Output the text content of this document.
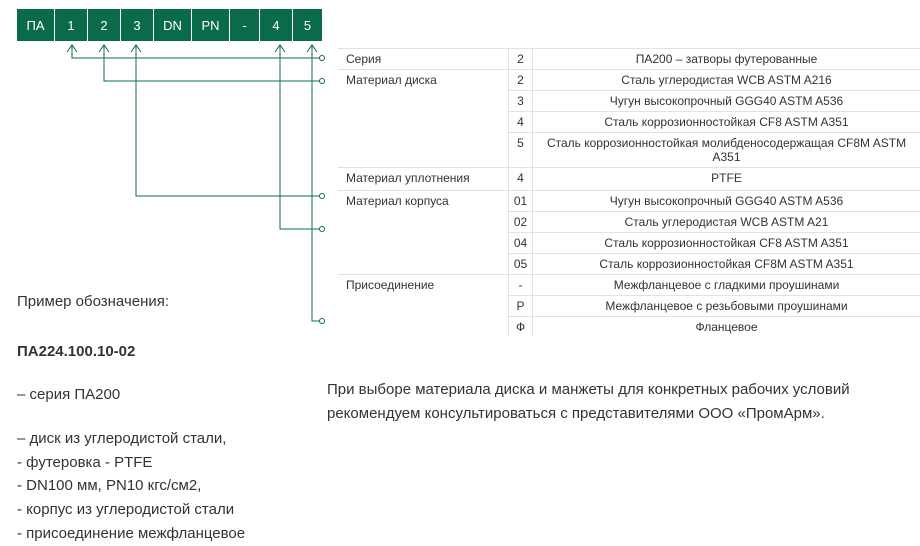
ПА	1	2	3	DN	PN	-	4	5
Серия	2	ПА200 – затворы футерованные
Материал диска	2	Сталь углеродистая WCB ASTM A216
	3	Чугун высокопрочный GGG40 ASTM A536
	4	Сталь коррозионностойкая CF8 ASTM A351
	5	Сталь коррозионностойкая молибденосодержащая CF8M ASTM A351
Материал уплотнения	4	PTFE
Материал корпуса	01	Чугун высокопрочный GGG40 ASTM A536
	02	Сталь углеродистая WCB ASTM A21
	04	Сталь коррозионностойкая CF8 ASTM A351
	05	Сталь коррозионностойкая CF8M ASTM A351
Присоединение	-	Межфланцевое с гладкими проушинами
	Р	Межфланцевое с резьбовыми проушинами
	Ф	Фланцевое
При выборе материала диска и манжеты для конкретных рабочих условий рекомендуем консультироваться с представителями ООО «ПромАрм».
Пример обозначения:
ПА224.100.10-02
– серия ПА200
– диск из углеродистой стали,
- футеровка - PTFE
- DN100 мм, PN10 кгс/см2,
- корпус из углеродистой стали
- присоединение межфланцевое
